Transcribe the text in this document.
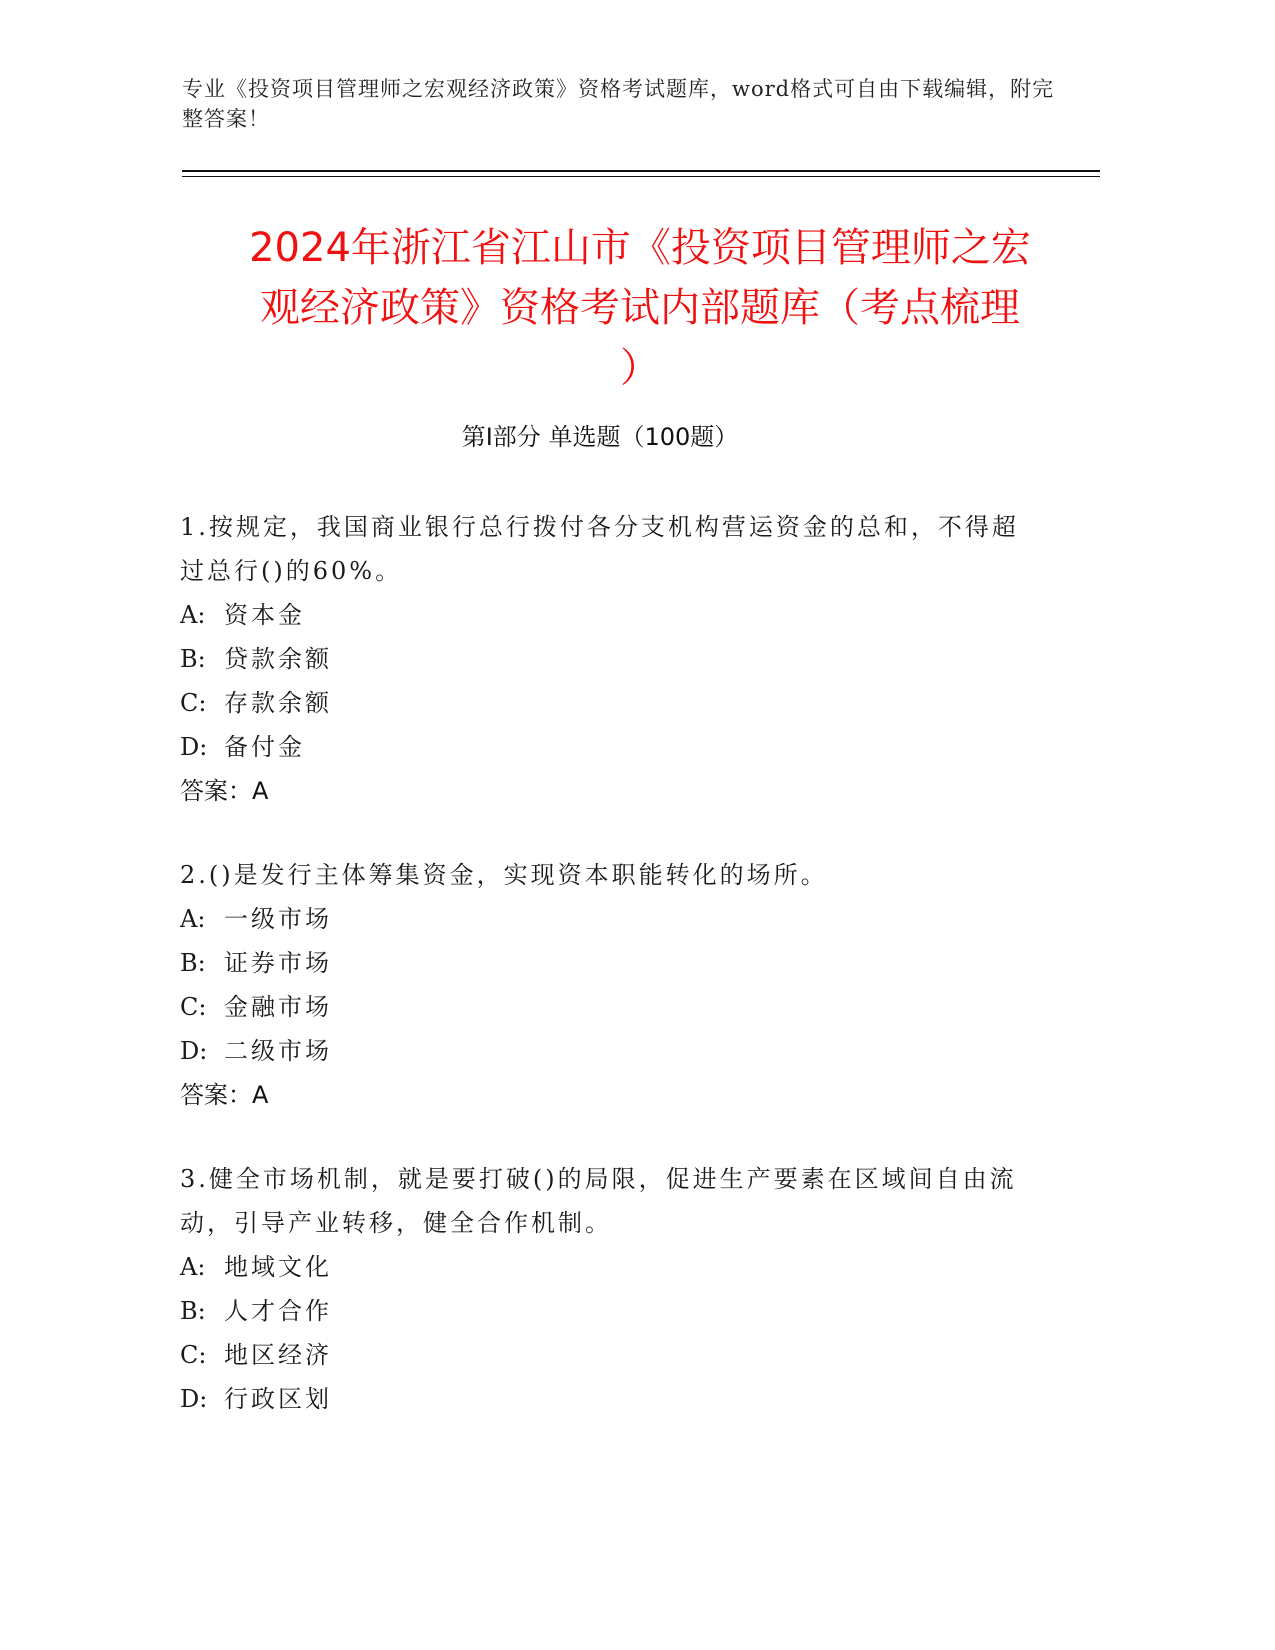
专业《投资项目管理师之宏观经济政策》资格考试题库，word格式可自由下载编辑，附完整答案！
2024年浙江省江山市《投资项目管理师之宏
观经济政策》资格考试内部题库（考点梳理
）
第I部分 单选题（100题）
1.按规定，我国商业银行总行拨付各分支机构营运资金的总和，不得超过总行()的60%。
A: 资本金
B: 贷款余额
C: 存款余额
D: 备付金
答案：A
2.()是发行主体筹集资金，实现资本职能转化的场所。
A: 一级市场
B: 证券市场
C: 金融市场
D: 二级市场
答案：A
3.健全市场机制，就是要打破()的局限，促进生产要素在区域间自由流动，引导产业转移，健全合作机制。
A: 地域文化
B: 人才合作
C: 地区经济
D: 行政区划
